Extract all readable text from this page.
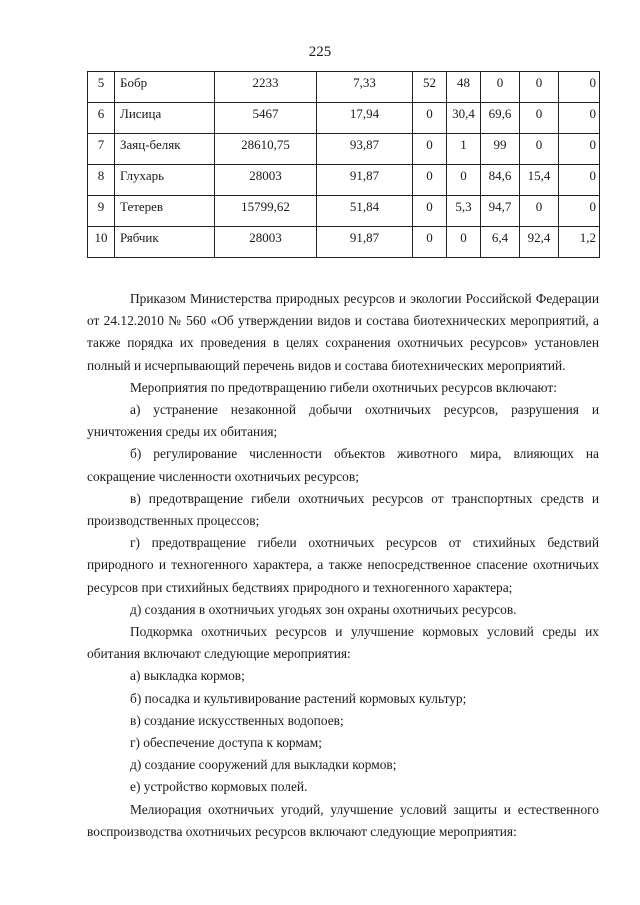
225
5	Бобр	2233	7,33	52	48	0	0	0
6	Лисица	5467	17,94	0	30,4	69,6	0	0
7	Заяц-беляк	28610,75	93,87	0	1	99	0	0
8	Глухарь	28003	91,87	0	0	84,6	15,4	0
9	Тетерев	15799,62	51,84	0	5,3	94,7	0	0
10	Рябчик	28003	91,87	0	0	6,4	92,4	1,2

Приказом Министерства природных ресурсов и экологии Российской Федерации от 24.12.2010 № 560 «Об утверждении видов и состава биотехнических мероприятий, а также порядка их проведения в целях сохранения охотничьих ресурсов» установлен полный и исчерпывающий перечень видов и состава биотехнических мероприятий.

Мероприятия по предотвращению гибели охотничьих ресурсов включают:

а) устранение незаконной добычи охотничьих ресурсов, разрушения и уничтожения среды их обитания;

б) регулирование численности объектов животного мира, влияющих на сокращение численности охотничьих ресурсов;

в) предотвращение гибели охотничьих ресурсов от транспортных средств и производственных процессов;

г) предотвращение гибели охотничьих ресурсов от стихийных бедствий природного и техногенного характера, а также непосредственное спасение охотничьих ресурсов при стихийных бедствиях природного и техногенного характера;

д) создания в охотничьих угодьях зон охраны охотничьих ресурсов.

Подкормка охотничьих ресурсов и улучшение кормовых условий среды их обитания включают следующие мероприятия:

а) выкладка кормов;

б) посадка и культивирование растений кормовых культур;

в) создание искусственных водопоев;

г) обеспечение доступа к кормам;

д) создание сооружений для выкладки кормов;

е) устройство кормовых полей.

Мелиорация охотничьих угодий, улучшение условий защиты и естественного воспроизводства охотничьих ресурсов включают следующие мероприятия:
